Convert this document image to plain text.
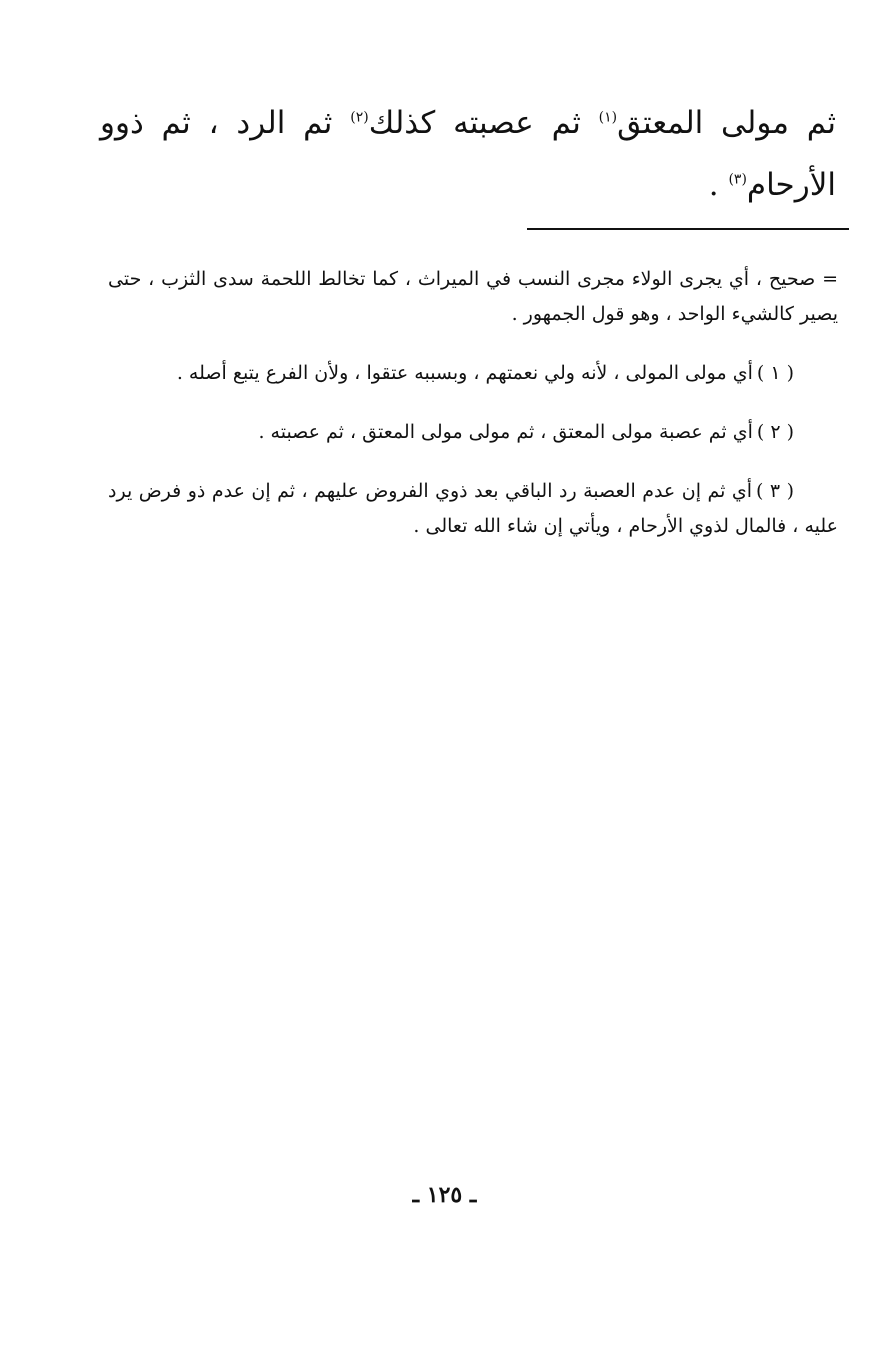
ثم مولى المعتق$^{(١)}$ ثم عصبته كذلك$^{(٢)}$ ثم الرد ، ثم ذوو الأرحام$^{(٣)}$ .

= صحيح ، أي يجرى الولاء مجرى النسب في الميراث ، كما تخالط اللحمة سدى الثزب ، حتى يصير كالشيء الواحد ، وهو قول الجمهور .

( ١ )أي مولى المولى ، لأنه ولي نعمتهم ، وبسببه عتقوا ، ولأن الفرع يتبع أصله .

( ٢ )أي ثم عصبة مولى المعتق ، ثم مولى مولى المعتق ، ثم عصبته .

( ٣ )أي ثم إن عدم العصبة رد الباقي بعد ذوي الفروض عليهم ، ثم إن عدم ذو فرض يرد عليه ، فالمال لذوي الأرحام ، ويأتي إن شاء الله تعالى .

ـ ١٢٥ ـ
